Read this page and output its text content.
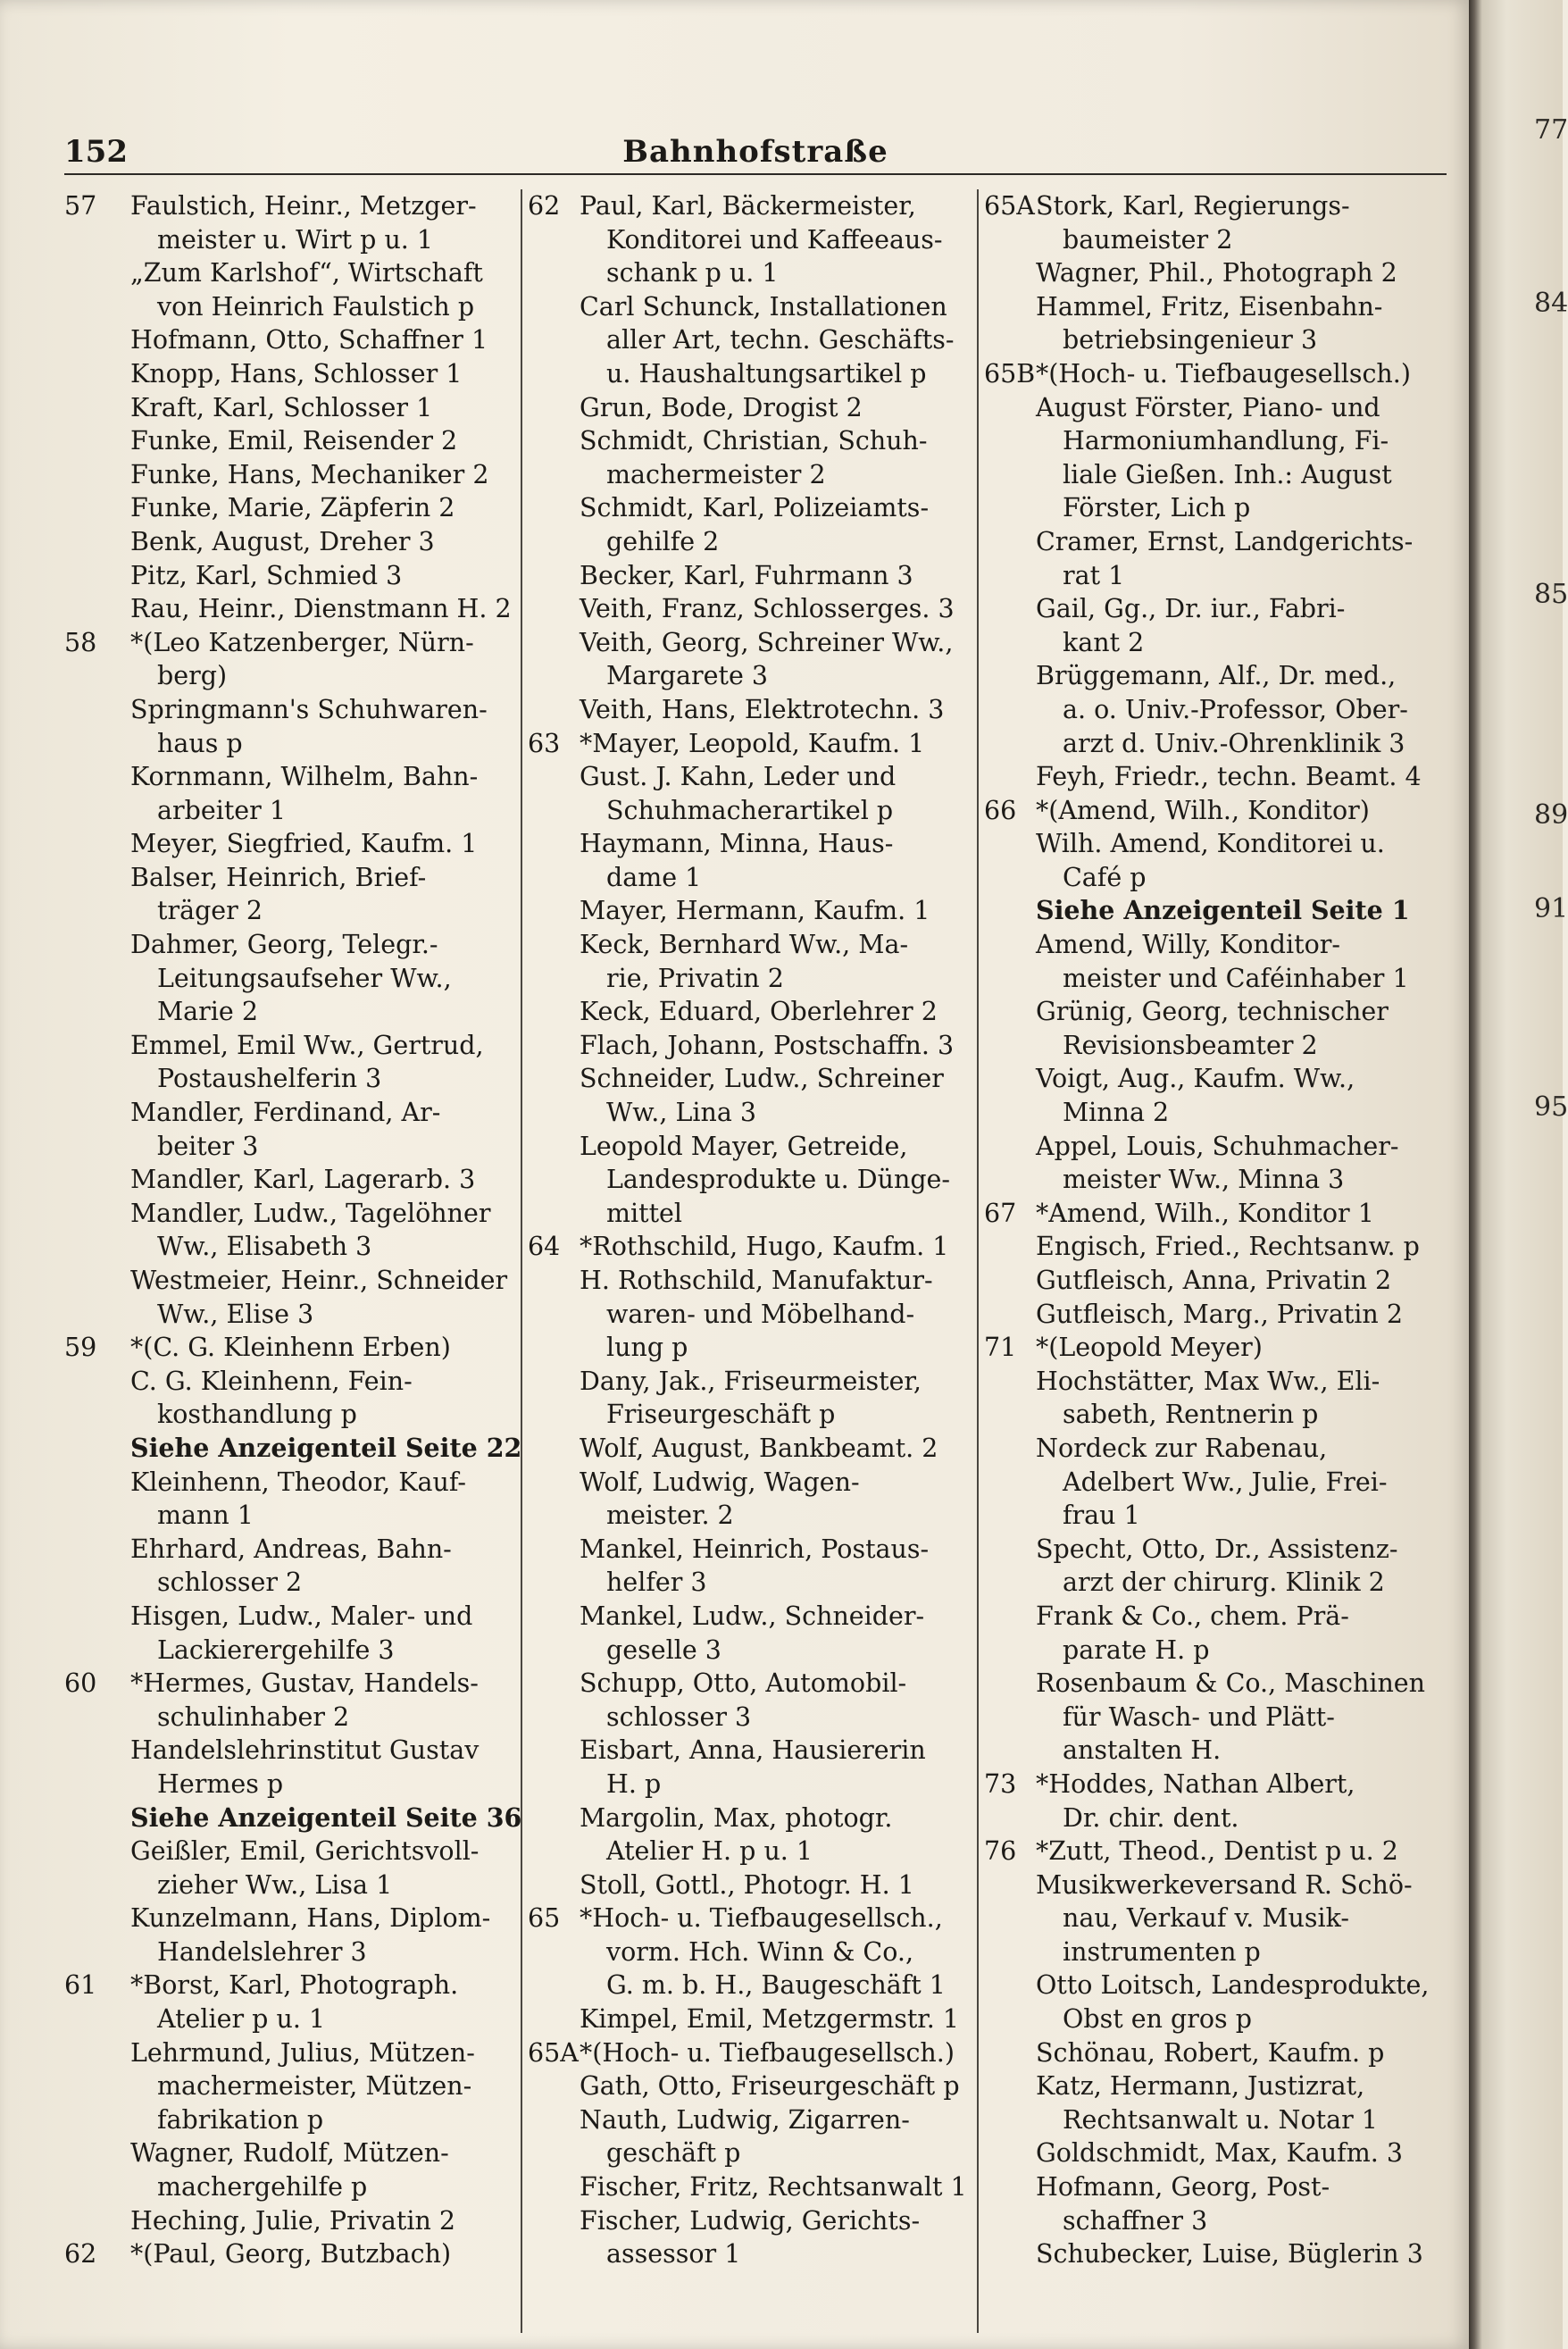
152	Bahnhofstraße
57	Faulstich, Heinr., Metzger-
meister u. Wirt p u. 1
„Zum Karlshof“, Wirtschaft
von Heinrich Faulstich p
Hofmann, Otto, Schaffner 1
Knopp, Hans, Schlosser 1
Kraft, Karl, Schlosser 1
Funke, Emil, Reisender 2
Funke, Hans, Mechaniker 2
Funke, Marie, Zäpferin 2
Benk, August, Dreher 3
Pitz, Karl, Schmied 3
Rau, Heinr., Dienstmann H. 2
58	*(Leo Katzenberger, Nürn-
berg)
Springmann's Schuhwaren-
haus p
Kornmann, Wilhelm, Bahn-
arbeiter 1
Meyer, Siegfried, Kaufm. 1
Balser, Heinrich, Brief-
träger 2
Dahmer, Georg, Telegr.-
Leitungsaufseher Ww.,
Marie 2
Emmel, Emil Ww., Gertrud,
Postaushelferin 3
Mandler, Ferdinand, Ar-
beiter 3
Mandler, Karl, Lagerarb. 3
Mandler, Ludw., Tagelöhner
Ww., Elisabeth 3
Westmeier, Heinr., Schneider
Ww., Elise 3
59	*(C. G. Kleinhenn Erben)
C. G. Kleinhenn, Fein-
kosthandlung p
Siehe Anzeigenteil Seite 22
Kleinhenn, Theodor, Kauf-
mann 1
Ehrhard, Andreas, Bahn-
schlosser 2
Hisgen, Ludw., Maler- und
Lackierergehilfe 3
60	*Hermes, Gustav, Handels-
schulinhaber 2
Handelslehrinstitut Gustav
Hermes p
Siehe Anzeigenteil Seite 36
Geißler, Emil, Gerichtsvoll-
zieher Ww., Lisa 1
Kunzelmann, Hans, Diplom-
Handelslehrer 3
61	*Borst, Karl, Photograph.
Atelier p u. 1
Lehrmund, Julius, Mützen-
machermeister, Mützen-
fabrikation p
Wagner, Rudolf, Mützen-
machergehilfe p
Heching, Julie, Privatin 2
62	*(Paul, Georg, Butzbach)
62 Paul, Karl, Bäckermeister,
Konditorei und Kaffeeaus-
schank p u. 1
Carl Schunck, Installationen
aller Art, techn. Geschäfts-
u. Haushaltungsartikel p
Grun, Bode, Drogist 2
Schmidt, Christian, Schuh-
machermeister 2
Schmidt, Karl, Polizeiamts-
gehilfe 2
Becker, Karl, Fuhrmann 3
Veith, Franz, Schlosserges. 3
Veith, Georg, Schreiner Ww.,
Margarete 3
Veith, Hans, Elektrotechn. 3
63 *Mayer, Leopold, Kaufm. 1
Gust. J. Kahn, Leder und
Schuhmacherartikel p
Haymann, Minna, Haus-
dame 1
Mayer, Hermann, Kaufm. 1
Keck, Bernhard Ww., Ma-
rie, Privatin 2
Keck, Eduard, Oberlehrer 2
Flach, Johann, Postschaffn. 3
Schneider, Ludw., Schreiner
Ww., Lina 3
Leopold Mayer, Getreide,
Landesprodukte u. Dünge-
mittel
64 *Rothschild, Hugo, Kaufm. 1
H. Rothschild, Manufaktur-
waren- und Möbelhand-
lung p
Dany, Jak., Friseurmeister,
Friseurgeschäft p
Wolf, August, Bankbeamt. 2
Wolf, Ludwig, Wagen-
meister. 2
Mankel, Heinrich, Postaus-
helfer 3
Mankel, Ludw., Schneider-
geselle 3
Schupp, Otto, Automobil-
schlosser 3
Eisbart, Anna, Hausiererin
H. p
Margolin, Max, photogr.
Atelier H. p u. 1
Stoll, Gottl., Photogr. H. 1
65 *Hoch- u. Tiefbaugesellsch.,
vorm. Hch. Winn & Co.,
G. m. b. H., Baugeschäft 1
Kimpel, Emil, Metzgermstr. 1
65A *(Hoch- u. Tiefbaugesellsch.)
Gath, Otto, Friseurgeschäft p
Nauth, Ludwig, Zigarren-
geschäft p
Fischer, Fritz, Rechtsanwalt 1
Fischer, Ludwig, Gerichts-
assessor 1
65A Stork, Karl, Regierungs-
baumeister 2
Wagner, Phil., Photograph 2
Hammel, Fritz, Eisenbahn-
betriebsingenieur 3
65B *(Hoch- u. Tiefbaugesellsch.)
August Förster, Piano- und
Harmoniumhandlung, Fi-
liale Gießen. Inh.: August
Förster, Lich p
Cramer, Ernst, Landgerichts-
rat 1
Gail, Gg., Dr. iur., Fabri-
kant 2
Brüggemann, Alf., Dr. med.,
a. o. Univ.-Professor, Ober-
arzt d. Univ.-Ohrenklinik 3
Feyh, Friedr., techn. Beamt. 4
66 *(Amend, Wilh., Konditor)
Wilh. Amend, Konditorei u.
Café p
Siehe Anzeigenteil Seite 1
Amend, Willy, Konditor-
meister und Caféinhaber 1
Grünig, Georg, technischer
Revisionsbeamter 2
Voigt, Aug., Kaufm. Ww.,
Minna 2
Appel, Louis, Schuhmacher-
meister Ww., Minna 3
67 *Amend, Wilh., Konditor 1
Engisch, Fried., Rechtsanw. p
Gutfleisch, Anna, Privatin 2
Gutfleisch, Marg., Privatin 2
71 *(Leopold Meyer)
Hochstätter, Max Ww., Eli-
sabeth, Rentnerin p
Nordeck zur Rabenau,
Adelbert Ww., Julie, Frei-
frau 1
Specht, Otto, Dr., Assistenz-
arzt der chirurg. Klinik 2
Frank & Co., chem. Prä-
parate H. p
Rosenbaum & Co., Maschinen
für Wasch- und Plätt-
anstalten H.
73 *Hoddes, Nathan Albert,
Dr. chir. dent.
76 *Zutt, Theod., Dentist p u. 2
Musikwerkeversand R. Schö-
nau, Verkauf v. Musik-
instrumenten p
Otto Loitsch, Landesprodukte,
Obst en gros p
Schönau, Robert, Kaufm. p
Katz, Hermann, Justizrat,
Rechtsanwalt u. Notar 1
Goldschmidt, Max, Kaufm. 3
Hofmann, Georg, Post-
schaffner 3
Schubecker, Luise, Büglerin 3
77
84
85
89
91
95
